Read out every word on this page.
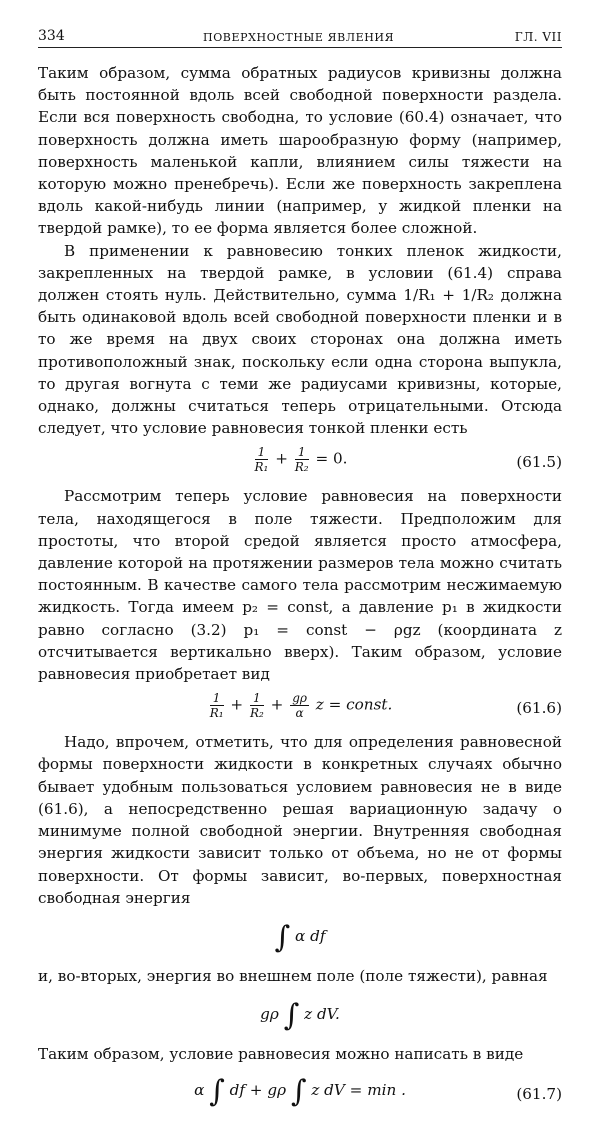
334	ПОВЕРХНОСТНЫЕ ЯВЛЕНИЯ	ГЛ. VII

Таким образом, сумма обратных радиусов кривизны должна быть постоянной вдоль всей свободной поверхности раздела. Если вся поверхность свободна, то условие (60.4) означает, что поверхность должна иметь шарообразную форму (например, поверхность маленькой капли, влиянием силы тяжести на которую можно пренебречь). Если же поверхность закреплена вдоль какой-нибудь линии (например, у жидкой пленки на твердой рамке), то ее форма является более сложной.

В применении к равновесию тонких пленок жидкости, закрепленных на твердой рамке, в условии (61.4) справа должен стоять нуль. Действительно, сумма 1/R₁ + 1/R₂ должна быть одинаковой вдоль всей свободной поверхности пленки и в то же время на двух своих сторонах она должна иметь противоположный знак, поскольку если одна сторона выпукла, то другая вогнута с теми же радиусами кривизны, которые, однако, должны считаться теперь отрицательными. Отсюда следует, что условие равновесия тонкой пленки есть

$\frac{1}{\text{R₁}} + \frac{1}{\text{R₂}} = 0$.	(61.5)

Рассмотрим теперь условие равновесия на поверхности тела, находящегося в поле тяжести. Предположим для простоты, что второй средой является просто атмосфера, давление которой на протяжении размеров тела можно считать постоянным. В качестве самого тела рассмотрим несжимаемую жидкость. Тогда имеем p₂ = const, а давление p₁ в жидкости равно согласно (3.2) p₁ = const − ρgz (координата z отсчитывается вертикально вверх). Таким образом, условие равновесия приобретает вид

$\frac{1}{\text{R₁}} + \frac{1}{\text{R₂}} + \frac{g\rho}{\alpha}$ z = const.	(61.6)

Надо, впрочем, отметить, что для определения равновесной формы поверхности жидкости в конкретных случаях обычно бывает удобным пользоваться условием равновесия не в виде (61.6), а непосредственно решая вариационную задачу о минимуме полной свободной энергии. Внутренняя свободная энергия жидкости зависит только от объема, но не от формы поверхности. От формы зависит, во-первых, поверхностная свободная энергия

∫ α df

и, во-вторых, энергия во внешнем поле (поле тяжести), равная

gρ ∫ z dV.

Таким образом, условие равновесия можно написать в виде

α ∫ df + gρ ∫ z dV = min .	(61.7)
